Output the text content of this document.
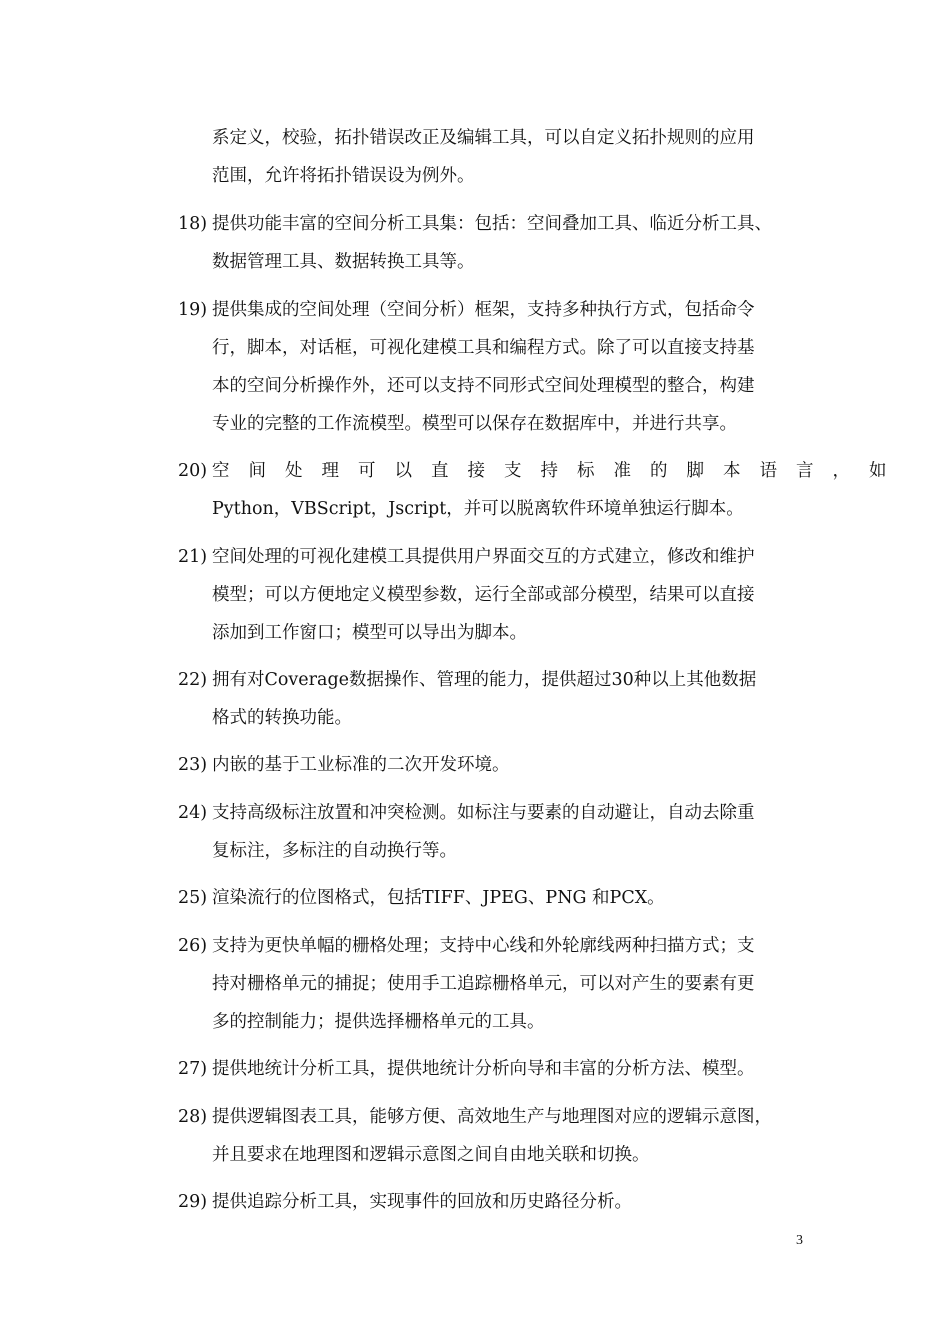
系定义，校验，拓扑错误改正及编辑工具，可以自定义拓扑规则的应用
范围，允许将拓扑错误设为例外。
18) 提供功能丰富的空间分析工具集：包括：空间叠加工具、临近分析工具、
数据管理工具、数据转换工具等。
19) 提供集成的空间处理（空间分析）框架，支持多种执行方式，包括命令
行，脚本，对话框，可视化建模工具和编程方式。除了可以直接支持基
本的空间分析操作外，还可以支持不同形式空间处理模型的整合，构建
专业的完整的工作流模型。模型可以保存在数据库中，并进行共享。
20) 空间处理可以直接支持标准的脚本语言，如
Python，VBScript，Jscript，并可以脱离软件环境单独运行脚本。
21) 空间处理的可视化建模工具提供用户界面交互的方式建立，修改和维护
模型；可以方便地定义模型参数，运行全部或部分模型，结果可以直接
添加到工作窗口；模型可以导出为脚本。
22) 拥有对Coverage数据操作、管理的能力，提供超过30种以上其他数据
格式的转换功能。
23) 内嵌的基于工业标准的二次开发环境。
24) 支持高级标注放置和冲突检测。如标注与要素的自动避让，自动去除重
复标注，多标注的自动换行等。
25) 渲染流行的位图格式，包括TIFF、JPEG、PNG 和PCX。
26) 支持为更快单幅的栅格处理；支持中心线和外轮廓线两种扫描方式；支
持对栅格单元的捕捉；使用手工追踪栅格单元，可以对产生的要素有更
多的控制能力；提供选择栅格单元的工具。
27) 提供地统计分析工具，提供地统计分析向导和丰富的分析方法、模型。
28) 提供逻辑图表工具，能够方便、高效地生产与地理图对应的逻辑示意图，
并且要求在地理图和逻辑示意图之间自由地关联和切换。
29) 提供追踪分析工具，实现事件的回放和历史路径分析。
3
